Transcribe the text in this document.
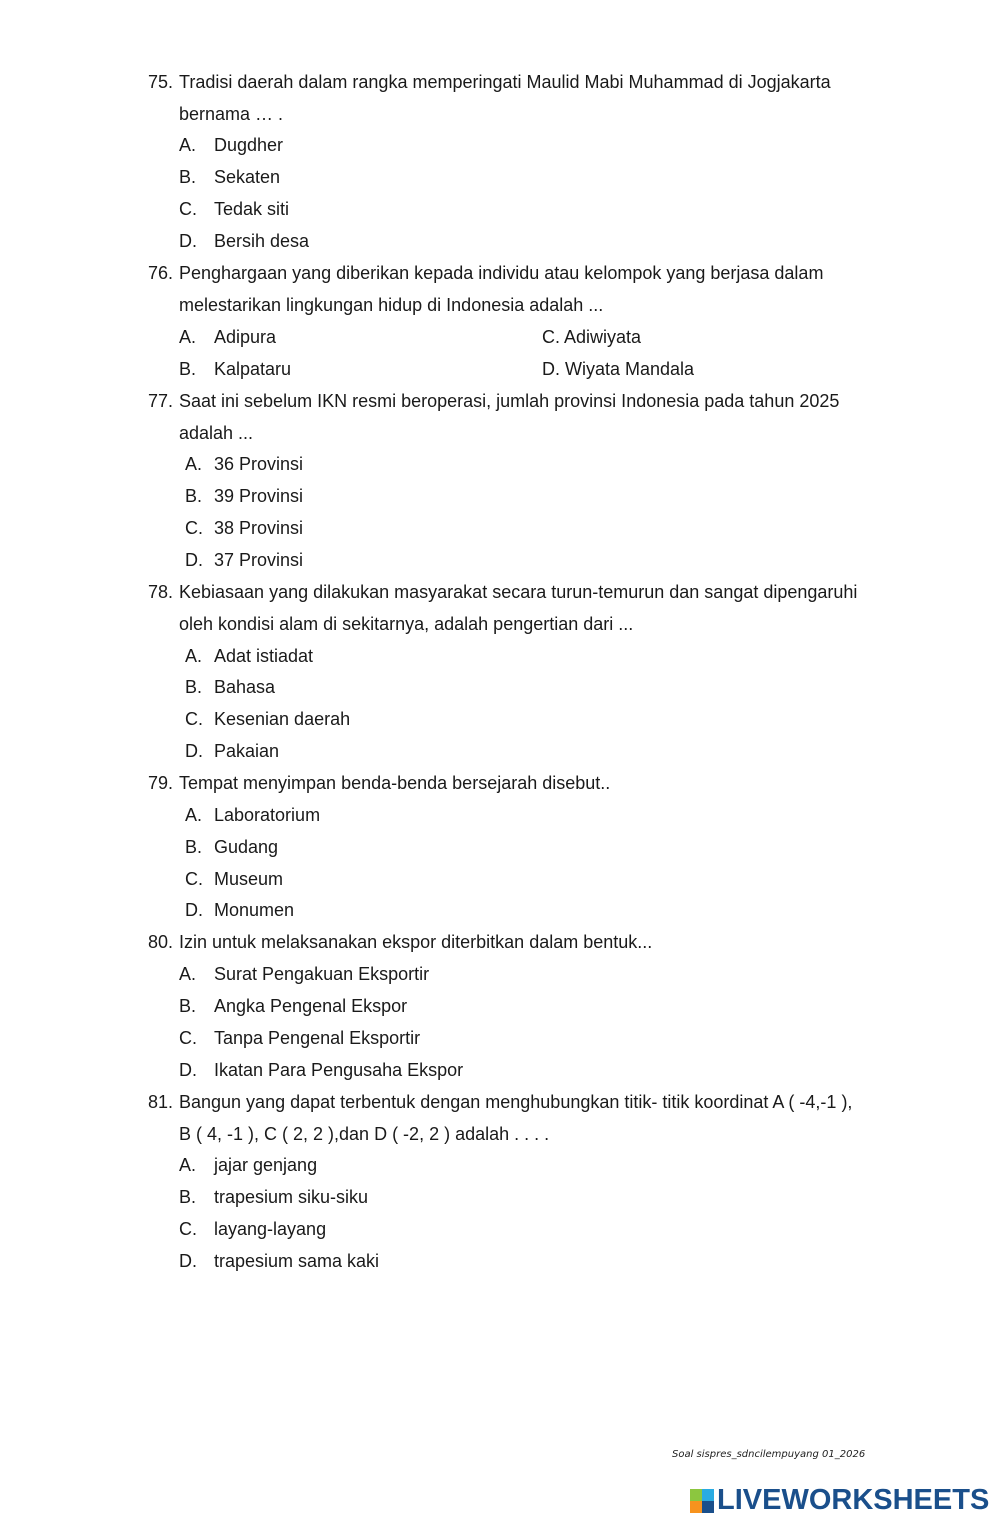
75. Tradisi daerah dalam rangka memperingati Maulid Mabi Muhammad di Jogjakarta
bernama … .
A. Dugdher
B. Sekaten
C. Tedak siti
D. Bersih desa
76. Penghargaan yang diberikan kepada individu atau kelompok yang berjasa dalam
melestarikan lingkungan hidup di Indonesia adalah ...
A. Adipura
B. Kalpataru
C. Adiwiyata
D. Wiyata Mandala
77. Saat ini sebelum IKN resmi beroperasi, jumlah provinsi Indonesia pada tahun 2025
adalah ...
A. 36 Provinsi
B. 39 Provinsi
C. 38 Provinsi
D. 37 Provinsi
78. Kebiasaan yang dilakukan masyarakat secara turun-temurun dan sangat dipengaruhi
oleh kondisi alam di sekitarnya, adalah pengertian dari ...
A. Adat istiadat
B. Bahasa
C. Kesenian daerah
D. Pakaian
79. Tempat menyimpan benda-benda bersejarah disebut..
A. Laboratorium
B. Gudang
C. Museum
D. Monumen
80. Izin untuk melaksanakan ekspor diterbitkan dalam bentuk...
A. Surat Pengakuan Eksportir
B. Angka Pengenal Ekspor
C. Tanpa Pengenal Eksportir
D. Ikatan Para Pengusaha Ekspor
81. Bangun yang dapat terbentuk dengan menghubungkan titik- titik koordinat A ( -4,-1 ),
B ( 4, -1 ), C ( 2, 2 ),dan D ( -2, 2 ) adalah . . . .
A. jajar genjang
B. trapesium siku-siku
C. layang-layang
D. trapesium sama kaki
Soal sispres_sdncilempuyang 01_2026
LIVEWORKSHEETS
